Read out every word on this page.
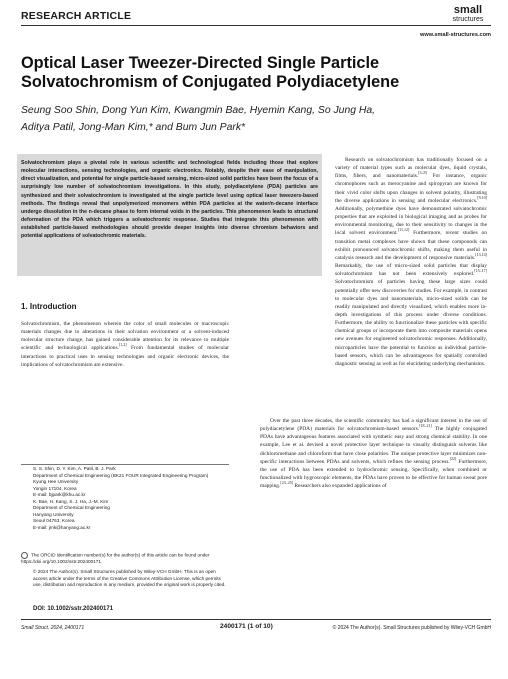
RESEARCH ARTICLE	small
structures
www.small-structures.com
Optical Laser Tweezer-Directed Single Particle Solvatochromism of Conjugated Polydiacetylene
Seung Soo Shin, Dong Yun Kim, Kwangmin Bae, Hyemin Kang, So Jung Ha,
Aditya Patil, Jong-Man Kim,* and Bum Jun Park*
Solvatochromism plays a pivotal role in various scientific and technological fields including those that explore molecular interactions, sensing technologies, and organic electronics. Notably, despite their ease of manipulation, direct visualization, and potential for single particle-based sensing, micro-sized solid particles have been the focus of a surprisingly low number of solvatochromism investigations. In this study, polydiacetylene (PDA) particles are synthesized and their solvatochromism is investigated at the single particle level using optical laser tweezers-based methods. The findings reveal that unpolymerized monomers within PDA particles at the water/n-decane interface undergo dissolution in the n-decane phase to form internal voids in the particles. This phenomenon leads to structural deformation of the PDA which triggers a solvatochromic response. Studies that integrate this phenomenon with established particle-based methodologies should provide deeper insights into diverse chromism behaviors and potential applications of solvatochromic materials.
Research on solvatochromism has traditionally focused on a variety of material types such as molecular dyes, liquid crystals, films, fibers, and nanomaterials.[3–8] For instance, organic chromophores such as merocyanine and spiropyran are known for their vivid color shifts upon changes in solvent polarity, illustrating the diverse applications in sensing and molecular electronics.[9,10] Additionally, polymethine dyes have demonstrated solvatochromic properties that are exploited in biological imaging and as probes for environmental monitoring, due to their sensitivity to changes in the local solvent environment.[11,12] Furthermore, recent studies on transition metal complexes have shown that these compounds can exhibit pronounced solvatochromic shifts, making them useful in catalysis research and the development of responsive materials.[13,14] Remarkably, the use of micro-sized solid particles that display solvatochromism has not been extensively explored.[15–17] Solvatochromism of particles having these large sizes could potentially offer new discoveries for studies. For example, in contrast to molecular dyes and nanomaterials, micro-sized solids can be readily manipulated and directly visualized, which enables more in-depth investigations of this process under diverse conditions. Furthermore, the ability to functionalize these particles with specific chemical groups or incorporate them into composite materials opens new avenues for engineered solvatochromic responses. Additionally, microparticles have the potential to function as individual particle-based sensors, which can be advantageous for spatially controlled diagnostic sensing as well as for elucidating underlying mechanisms.
1. Introduction
Solvatochromism, the phenomenon wherein the color of small molecules or macroscopic materials changes due to alterations in their solvation environment or a solvent-induced molecular structure change, has gained considerable attention for its relevance to multiple scientific and technological applications.[1,2] From fundamental studies of molecular interactions to practical uses in sensing technologies and organic electronic devices, the implications of solvatochromism are extensive.
Over the past three decades, the scientific community has had a significant interest in the use of polydiacetylene (PDA) materials for solvatochromism-based sensors.[18–21] The highly conjugated PDAs have advantageous features associated with synthetic easy and strong chemical stability. In one example, Lee et al. devised a novel protective layer technique to visually distinguish solvents like dichloromethane and chloroform that have close polarities. The unique protective layer minimizes non-specific interactions between PDAs and solvents, which refines the sensing process.[22] Furthermore, the use of PDA has been extended to hydrochromic sensing. Specifically, when combined or functionalized with hygroscopic elements, the PDAs have proven to be effective for human sweat pore mapping.[23–25] Researchers also expanded applications of
S. S. Shin, D. Y. Kim, A. Patil, B. J. Park
Department of Chemical Engineering (BK21 FOUR Integrated Engineering Program)
Kyung Hee University
Yongin 17104, Korea
E-mail: bjpark@khu.ac.kr
K. Bae, H. Kang, S. J. Ha, J.-M. Kim
Department of Chemical Engineering
Hanyang University
Seoul 04763, Korea
E-mail: jmk@hanyang.ac.kr
The ORCID identification number(s) for the author(s) of this article can be found under https://doi.org/10.1002/sstr.202400171.
© 2024 The Author(s). Small Structures published by Wiley-VCH GmbH. This is an open access article under the terms of the Creative Commons Attribution License, which permits use, distribution and reproduction in any medium, provided the original work is properly cited.
DOI: 10.1002/sstr.202400171
Small Struct. 2024, 2400171	2400171 (1 of 10)	© 2024 The Author(s). Small Structures published by Wiley-VCH GmbH
